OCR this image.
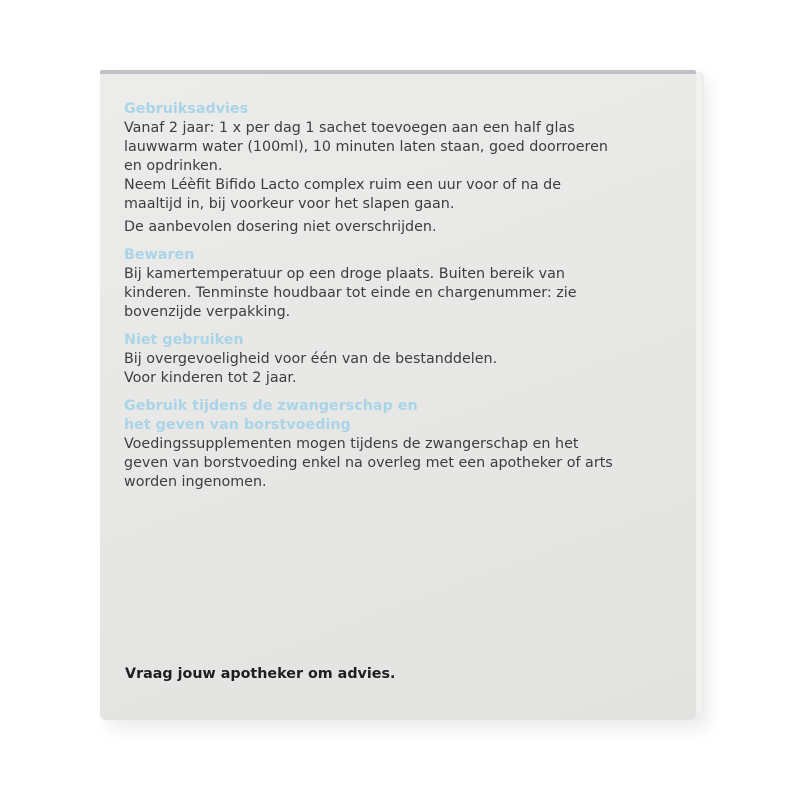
Gebruiksadvies

Vanaf 2 jaar: 1 x per dag 1 sachet toevoegen aan een half glas

lauwwarm water (100ml), 10 minuten laten staan, goed doorroeren

en opdrinken.

Neem Léèfit Bifido Lacto complex ruim een uur voor of na de

maaltijd in, bij voorkeur voor het slapen gaan.

De aanbevolen dosering niet overschrijden.

Bewaren

Bij kamertemperatuur op een droge plaats. Buiten bereik van

kinderen. Tenminste houdbaar tot einde en chargenummer: zie

bovenzijde verpakking.

Niet gebruiken

Bij overgevoeligheid voor één van de bestanddelen.

Voor kinderen tot 2 jaar.

Gebruik tijdens de zwangerschap en

het geven van borstvoeding

Voedingssupplementen mogen tijdens de zwangerschap en het

geven van borstvoeding enkel na overleg met een apotheker of arts

worden ingenomen.

Vraag jouw apotheker om advies.
